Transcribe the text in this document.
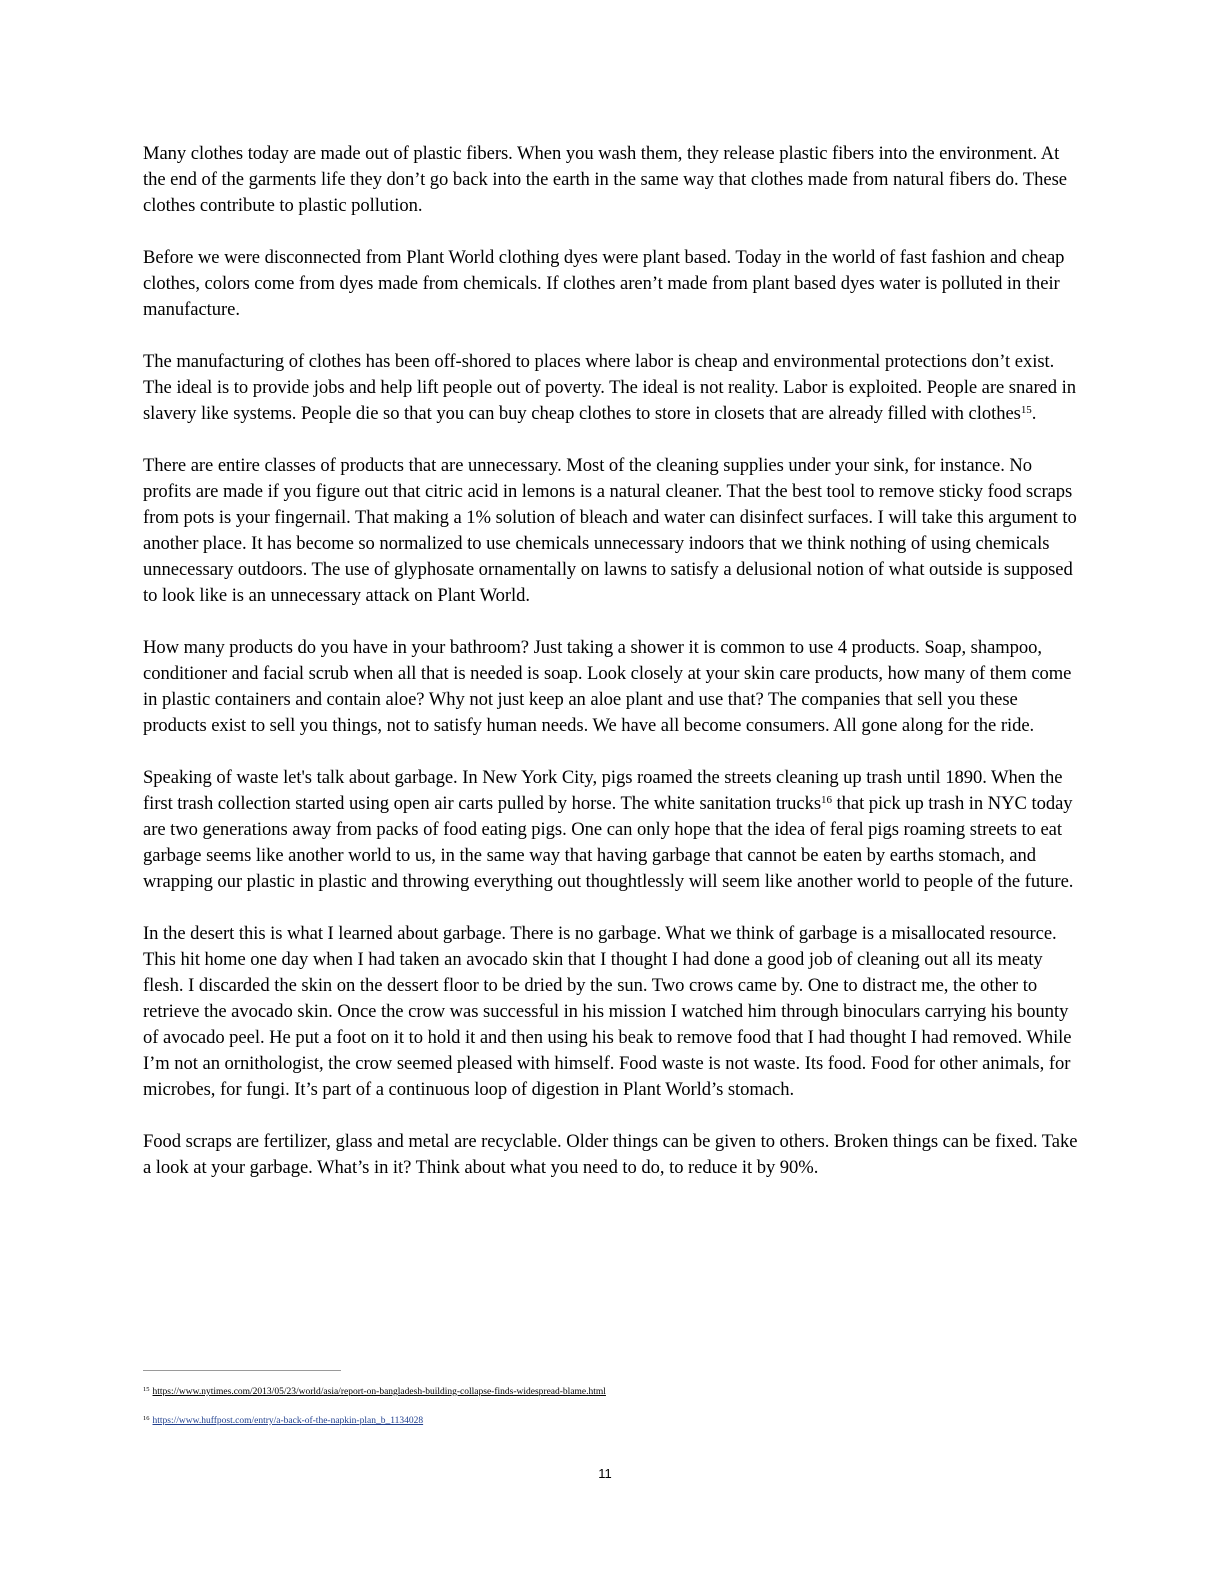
Many clothes today are made out of plastic fibers. When you wash them, they release plastic fibers into the environment. At the end of the garments life they don’t go back into the earth in the same way that clothes made from natural fibers do. These clothes contribute to plastic pollution.

Before we were disconnected from Plant World clothing dyes were plant based. Today in the world of fast fashion and cheap clothes, colors come from dyes made from chemicals. If clothes aren’t made from plant based dyes water is polluted in their manufacture.

The manufacturing of clothes has been off-shored to places where labor is cheap and environmental protections don’t exist. The ideal is to provide jobs and help lift people out of poverty. The ideal is not reality. Labor is exploited. People are snared in slavery like systems. People die so that you can buy cheap clothes to store in closets that are already filled with clothes$^{15}$.

There are entire classes of products that are unnecessary. Most of the cleaning supplies under your sink, for instance. No profits are made if you figure out that citric acid in lemons is a natural cleaner. That the best tool to remove sticky food scraps from pots is your fingernail. That making a 1% solution of bleach and water can disinfect surfaces. I will take this argument to another place. It has become so normalized to use chemicals unnecessary indoors that we think nothing of using chemicals unnecessary outdoors. The use of glyphosate ornamentally on lawns to satisfy a delusional notion of what outside is supposed to look like is an unnecessary attack on Plant World.

How many products do you have in your bathroom? Just taking a shower it is common to use 4 products. Soap, shampoo, conditioner and facial scrub when all that is needed is soap. Look closely at your skin care products, how many of them come in plastic containers and contain aloe? Why not just keep an aloe plant and use that? The companies that sell you these products exist to sell you things, not to satisfy human needs. We have all become consumers. All gone along for the ride.

Speaking of waste let's talk about garbage. In New York City, pigs roamed the streets cleaning up trash until 1890. When the first trash collection started using open air carts pulled by horse. The white sanitation trucks$^{16}$ that pick up trash in NYC today are two generations away from packs of food eating pigs. One can only hope that the idea of feral pigs roaming streets to eat garbage seems like another world to us, in the same way that having garbage that cannot be eaten by earths stomach, and wrapping our plastic in plastic and throwing everything out thoughtlessly will seem like another world to people of the future.

In the desert this is what I learned about garbage. There is no garbage. What we think of garbage is a misallocated resource. This hit home one day when I had taken an avocado skin that I thought I had done a good job of cleaning out all its meaty flesh. I discarded the skin on the dessert floor to be dried by the sun. Two crows came by. One to distract me, the other to retrieve the avocado skin. Once the crow was successful in his mission I watched him through binoculars carrying his bounty of avocado peel. He put a foot on it to hold it and then using his beak to remove food that I had thought I had removed. While I’m not an ornithologist, the crow seemed pleased with himself. Food waste is not waste. Its food. Food for other animals, for microbes, for fungi. It’s part of a continuous loop of digestion in Plant World’s stomach.

Food scraps are fertilizer, glass and metal are recyclable. Older things can be given to others. Broken things can be fixed. Take a look at your garbage. What’s in it? Think about what you need to do, to reduce it by 90%.

$^{15}$ https://www.nytimes.com/2013/05/23/world/asia/report-on-bangladesh-building-collapse-finds-widespread-blame.html
$^{16}$ https://www.huffpost.com/entry/a-back-of-the-napkin-plan_b_1134028
11
